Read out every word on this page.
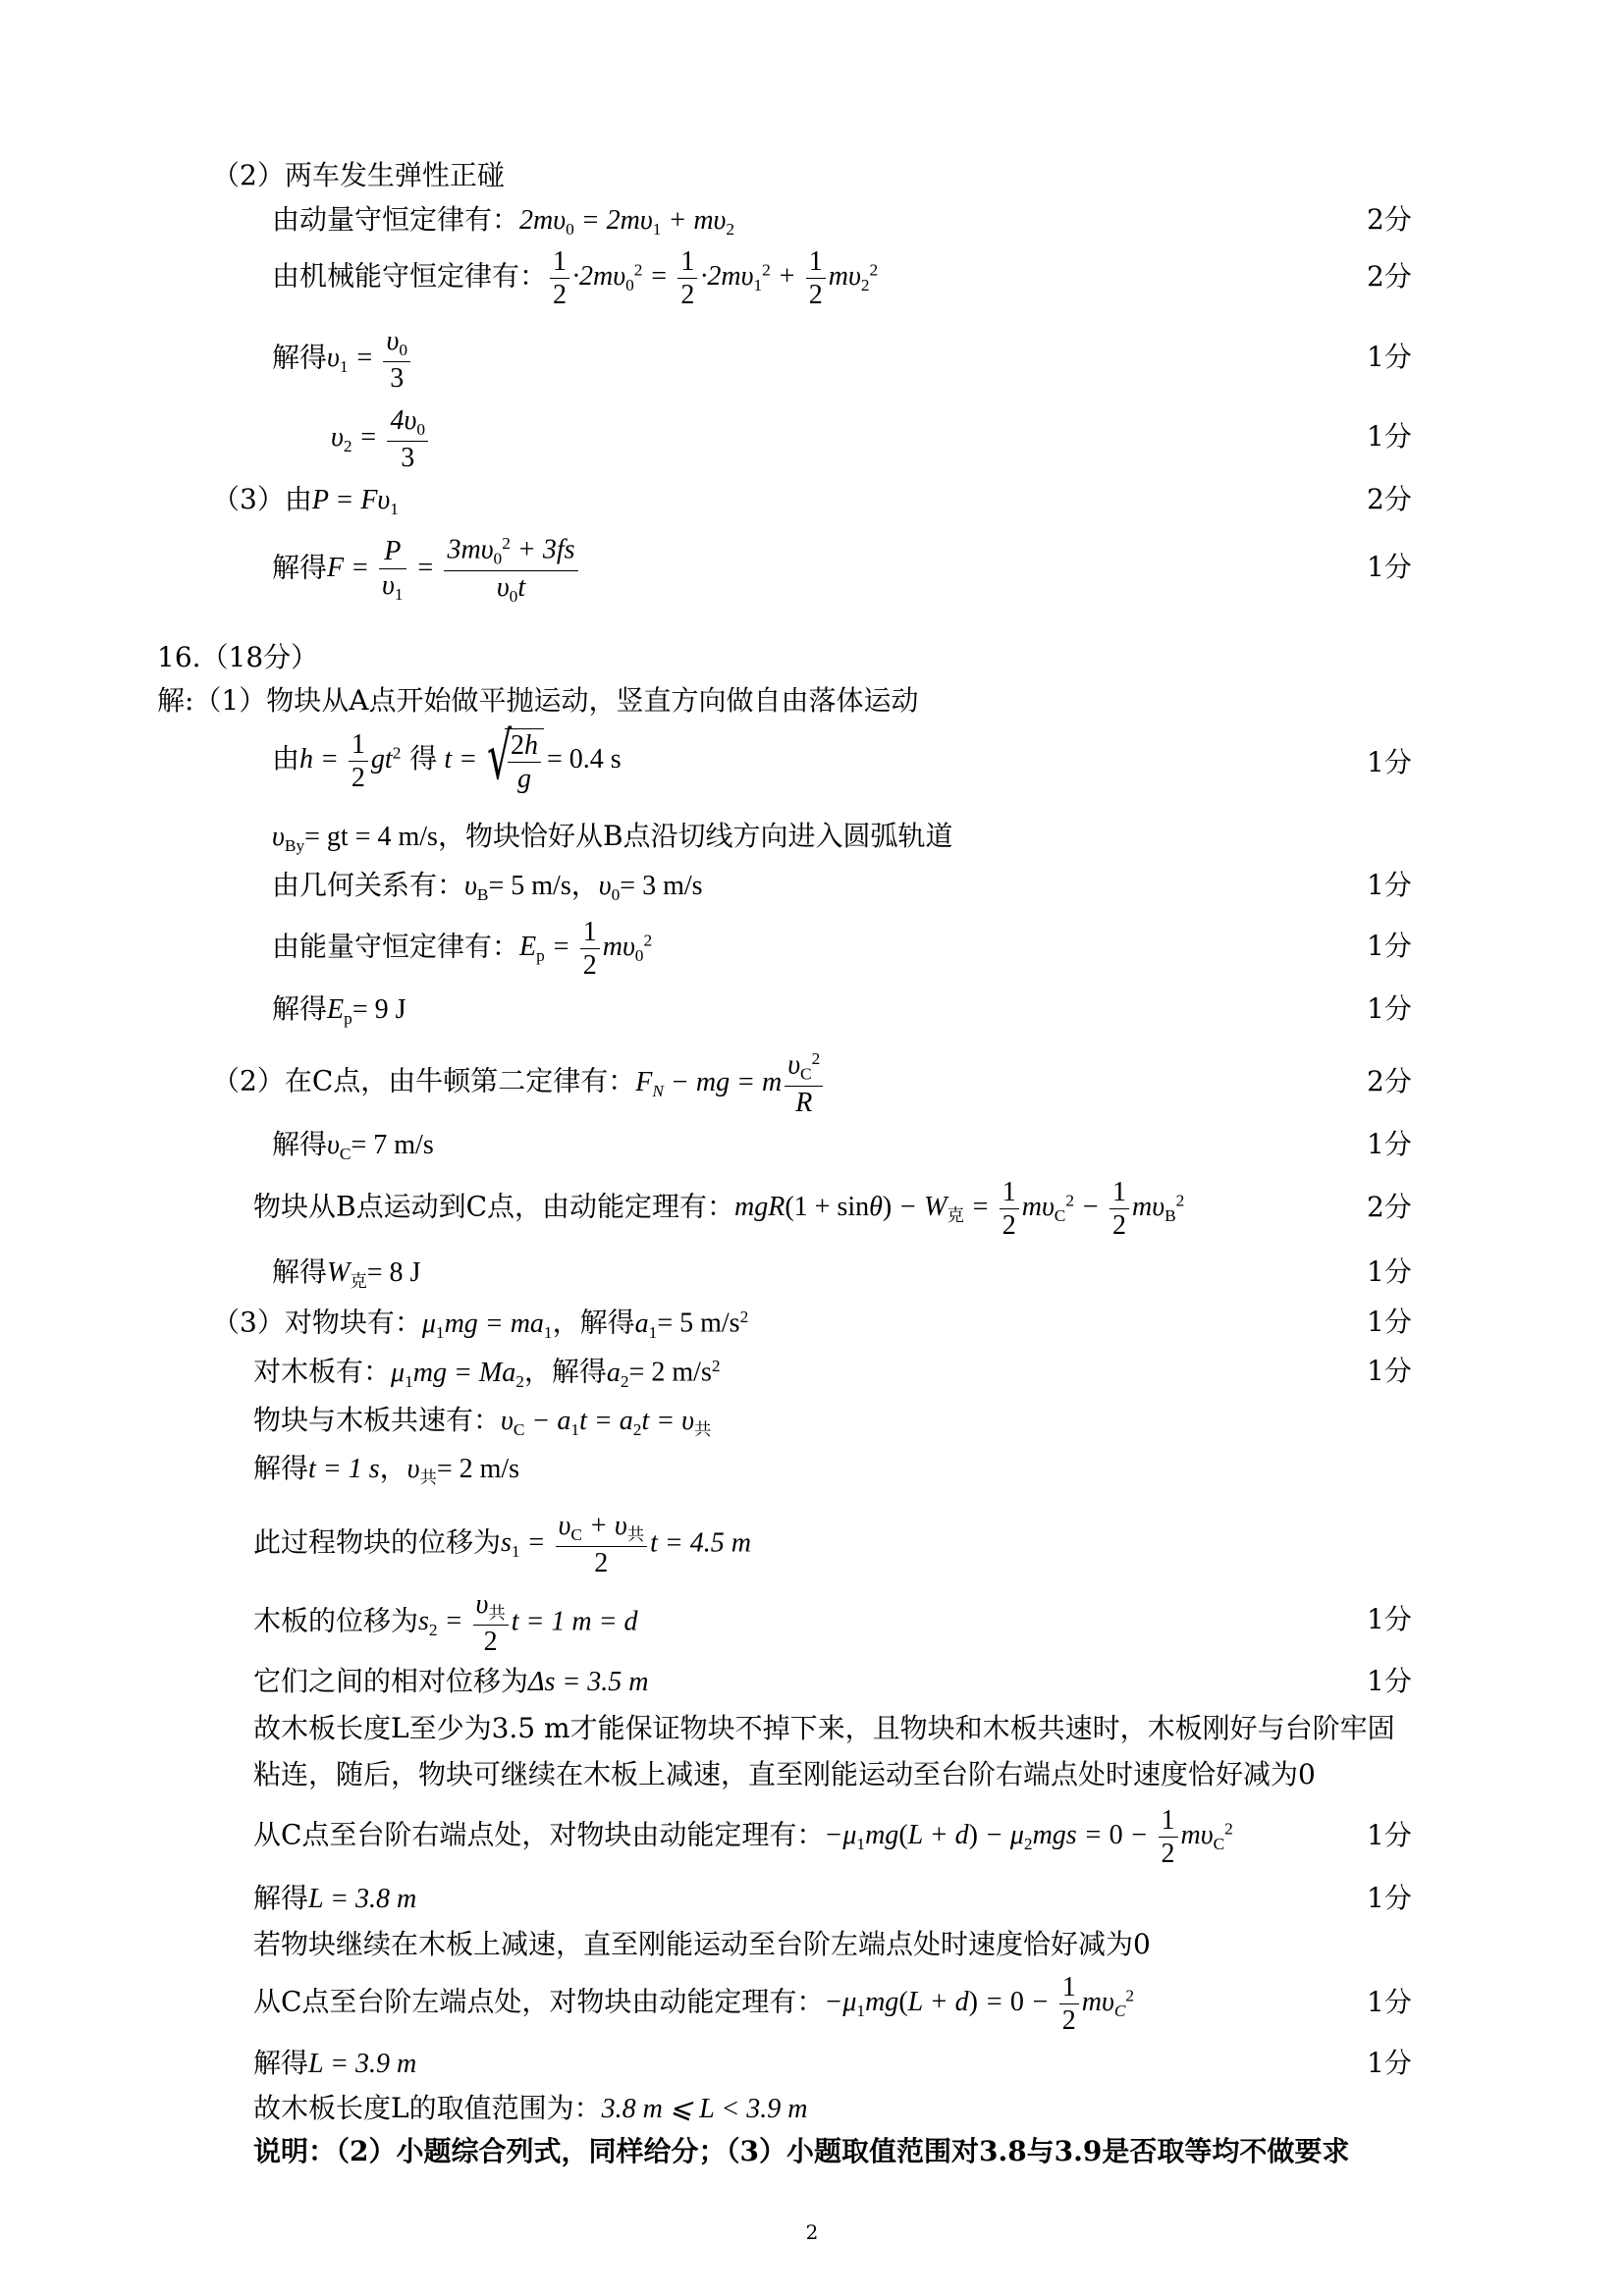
（2）两车发生弹性正碰
由动量守恒定律有：$2m\upsilon_0 = 2m\upsilon_1 + m\upsilon_2$	2分
由机械能守恒定律有： $\frac{1}{2} \cdot 2m\upsilon_0^2 = \frac{1}{2} \cdot 2m\upsilon_1^2 + \frac{1}{2} m\upsilon_2^2$	2分
解得$\upsilon_1 = \frac{\upsilon_0}{3}$	1分
$\upsilon_2 = \frac{4\upsilon_0}{3}$	1分
（3）由$P = F\upsilon_1$	2分
解得$F = \frac{P}{\upsilon_1} = \frac{3m\upsilon_0^2 + 3fs}{\upsilon_0t}$	1分
16.（18分）
解:（1）物块从A点开始做平抛运动，竖直方向做自由落体运动
由$h = \frac{1}{2} gt^2$ 得 t = √
$\frac{2h}{g} = 0.4$ s	1分
$\upsilon_{By}=$ gt = 4 m/s，物块恰好从B点沿切线方向进入圆弧轨道
由几何关系有：$\upsilon_B= 5$ m/s，$\upsilon_0= 3$ m/s	1分
由能量守恒定律有：$E_p = \frac{1}{2} m\upsilon_0^2$	1分
解得$E_p= 9$ J	1分
（2）在C点，由牛顿第二定律有：$F_N$ − mg = m $\frac{\upsilon_C^2}{R}$	2分
解得$\upsilon_C= 7$ m/s	1分
物块从B点运动到C点，由动能定理有：$mgR(1 + \sin\theta) - W_克 = \frac{1}{2} m\upsilon_C^2 - \frac{1}{2} m\upsilon_B^2$	2分
解得$W_克= 8$ J	1分
（3）对物块有：$\mu_1mg = ma_1$，解得$a_1= 5$ $m/s^2$	1分
对木板有：$\mu_1mg = Ma_2$，解得$a_2= 2$ $m/s^2$	1分
物块与木板共速有：$\upsilon_C - a_1t = a_2t = \upsilon_共$
解得t = 1 s，$\upsilon_共= 2$ m/s
此过程物块的位移为$s_1 = \frac{\upsilon_C + \upsilon_共}{2}$ t = 4.5 m
木板的位移为$s_2 = \frac{\upsilon_共}{2}$ t = 1 m = d	1分
它们之间的相对位移为Δs = 3.5 m	1分
故木板长度L至少为3.5 m才能保证物块不掉下来，且物块和木板共速时，木板刚好与台阶牢固
粘连，随后，物块可继续在木板上减速，直至刚能运动至台阶右端点处时速度恰好减为0
从C点至台阶右端点处，对物块由动能定理有：$-\mu_1mg(L + d) - \mu_2mgs = 0 - \frac{1}{2} m\upsilon_C^2$	1分
解得L = 3.8 m	1分
若物块继续在木板上减速，直至刚能运动至台阶左端点处时速度恰好减为0
从C点至台阶左端点处，对物块由动能定理有：$-\mu_1mg(L + d) = 0 - \frac{1}{2} m\upsilon_C^2$	1分
解得L = 3.9 m	1分
故木板长度L的取值范围为：3.8 m ⩽ L < 3.9 m
说明：（2）小题综合列式，同样给分；（3）小题取值范围对3.8与3.9是否取等均不做要求
2
